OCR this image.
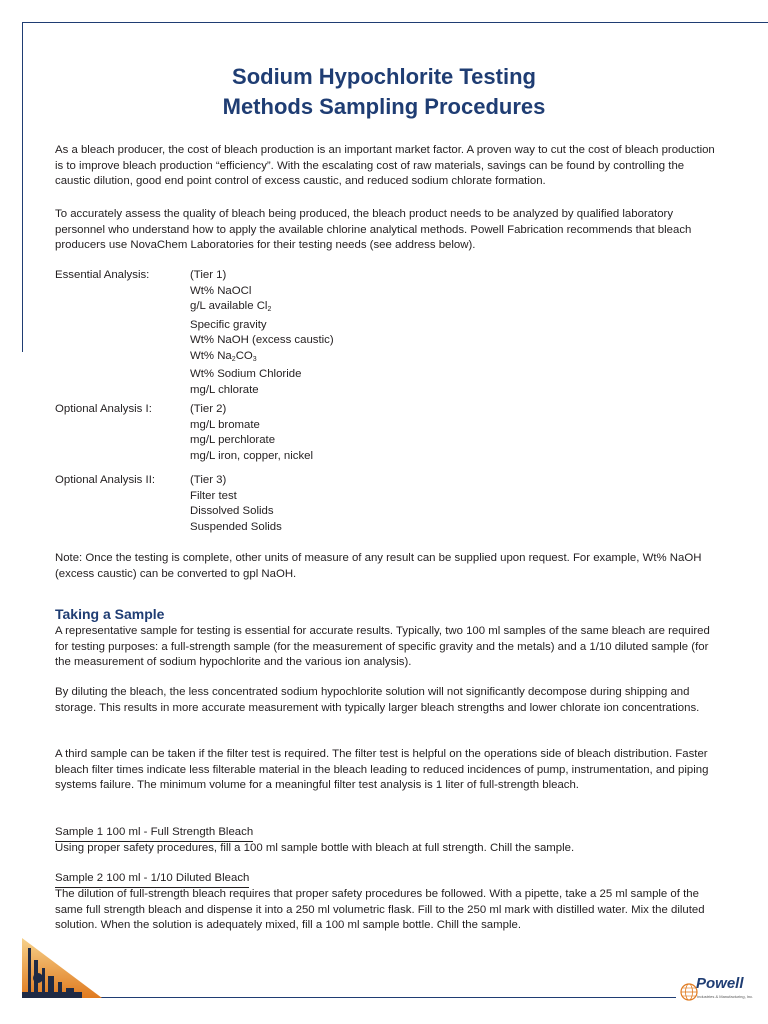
Sodium Hypochlorite Testing
Methods Sampling Procedures

As a bleach producer, the cost of bleach production is an important market factor. A proven way to cut the cost of bleach production is to improve bleach production “efficiency”. With the escalating cost of raw materials, savings can be found by controlling the caustic dilution, good end point control of excess caustic, and reduced sodium chlorate formation.

To accurately assess the quality of bleach being produced, the bleach product needs to be analyzed by qualified laboratory personnel who understand how to apply the available chlorine analytical methods. Powell Fabrication recommends that bleach producers use NovaChem Laboratories for their testing needs (see address below).

Essential Analysis:	(Tier 1)
Wt% NaOCl
g/L available $Cl_2$
Specific gravity
Wt% NaOH (excess caustic)
Wt% $Na_2CO_3$
Wt% Sodium Chloride
mg/L chlorate
Optional Analysis I:	(Tier 2)
mg/L bromate
mg/L perchlorate
mg/L iron, copper, nickel
Optional Analysis II:	(Tier 3)
Filter test
Dissolved Solids
Suspended Solids

Note: Once the testing is complete, other units of measure of any result can be supplied upon request. For example, Wt% NaOH (excess caustic) can be converted to gpl NaOH.

Taking a Sample

A representative sample for testing is essential for accurate results. Typically, two 100 ml samples of the same bleach are required for testing purposes: a full-strength sample (for the measurement of specific gravity and the metals) and a 1/10 diluted sample (for the measurement of sodium hypochlorite and the various ion analysis).

By diluting the bleach, the less concentrated sodium hypochlorite solution will not significantly decompose during shipping and storage. This results in more accurate measurement with typically larger bleach strengths and lower chlorate ion concentrations.

A third sample can be taken if the filter test is required. The filter test is helpful on the operations side of bleach distribution. Faster bleach filter times indicate less filterable material in the bleach leading to reduced incidences of pump, instrumentation, and piping systems failure. The minimum volume for a meaningful filter test analysis is 1 liter of full-strength bleach.

Sample 1 100 ml - Full Strength Bleach

Using proper safety procedures, fill a 100 ml sample bottle with bleach at full strength. Chill the sample.

Sample 2 100 ml - 1/10 Diluted Bleach

The dilution of full-strength bleach requires that proper safety procedures be followed. With a pipette, take a 25 ml sample of the same full strength bleach and dispense it into a 250 ml volumetric flask. Fill to the 250 ml mark with distilled water. Mix the diluted solution. When the solution is adequately mixed, fill a 100 ml sample bottle. Chill the sample.

Powell
Industries & Manufacturing, Inc.
